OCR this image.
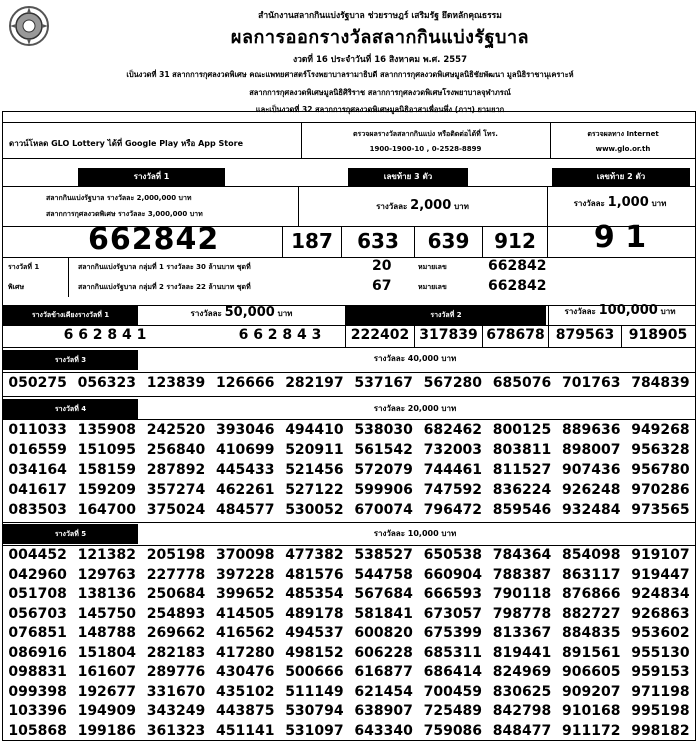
สำนักงานสลากกินแบ่งรัฐบาล ช่วยราษฎร์ เสริมรัฐ ยึดหลักคุณธรรม
ผลการออกรางวัลสลากกินแบ่งรัฐบาล
งวดที่ 16 ประจำวันที่ 16 สิงหาคม พ.ศ. 2557
เป็นงวดที่ 31 สลากการกุศลงวดพิเศษ คณะแพทยศาสตร์โรงพยาบาลรามาธิบดี สลากการกุศลงวดพิเศษมูลนิธิชัยพัฒนา มูลนิธิราชานุเคราะห์
สลากการกุศลงวดพิเศษมูลนิธิศิริราช สลากการกุศลงวดพิเศษโรงพยาบาลจุฬาภรณ์
และเป็นงวดที่ 32 สลากการกุศลงวดพิเศษมูลนิธิอาสาเพื่อนพึ่ง (ภาฯ) ยามยาก
ดาวน์โหลด GLO Lottery ได้ที่ Google Play หรือ App Store
ตรวจผลรางวัลสลากกินแบ่ง หรือติดต่อได้ที่ โทร.
1900-1900-10 , 0-2528-8899
ตรวจผลทาง Internet
www.glo.or.th
รางวัลที่ 1	เลขท้าย 3 ตัว	เลขท้าย 2 ตัว
สลากกินแบ่งรัฐบาล รางวัลละ 2,000,000 บาท
สลากการกุศลงวดพิเศษ รางวัลละ 3,000,000 บาท
รางวัลละ 2,000 บาท	รางวัลละ 1,000 บาท
662842	187	633	639	912	9 1
รางวัลที่ 1
พิเศษ
สลากกินแบ่งรัฐบาล กลุ่มที่ 1 รางวัลละ 30 ล้านบาท ชุดที่	20	หมายเลข	662842
สลากกินแบ่งรัฐบาล กลุ่มที่ 2 รางวัลละ 22 ล้านบาท ชุดที่	67	หมายเลข	662842
รางวัลข้างเคียงรางวัลที่ 1	รางวัลละ 50,000 บาท	รางวัลที่ 2	รางวัลละ 100,000 บาท
6 6 2 8 4 1	6 6 2 8 4 3	222402 317839 678678 879563	918905
รางวัลที่ 3	รางวัลละ 40,000 บาท
050275 056323 123839 126666 282197 537167 567280 685076 701763 784839
รางวัลที่ 4	รางวัลละ 20,000 บาท
011033 135908 242520 393046 494410 538030 682462 800125 889636 949268
016559 151095 256840 410699 520911 561542 732003 803811 898007 956328
034164 158159 287892 445433 521456 572079 744461 811527 907436 956780
041617 159209 357274 462261 527122 599906 747592 836224 926248 970286
083503 164700 375024 484577 530052 670074 796472 859546 932484 973565
รางวัลที่ 5	รางวัลละ 10,000 บาท
004452 121382 205198 370098 477382 538527 650538 784364 854098 919107
042960 129763 227778 397228 481576 544758 660904 788387 863117 919447
051708 138136 250684 399652 485354 567684 666593 790118 876866 924834
056703 145750 254893 414505 489178 581841 673057 798778 882727 926863
076851 148788 269662 416562 494537 600820 675399 813367 884835 953602
086916 151804 282183 417280 498152 606228 685311 819441 891561 955130
098831 161607 289776 430476 500666 616877 686414 824969 906605 959153
099398 192677 331670 435102 511149 621454 700459 830625 909207 971198
103396 194909 343249 443875 530794 638907 725489 842798 910168 995198
105868 199186 361323 451141 531097 643340 759086 848477 911172 998182
